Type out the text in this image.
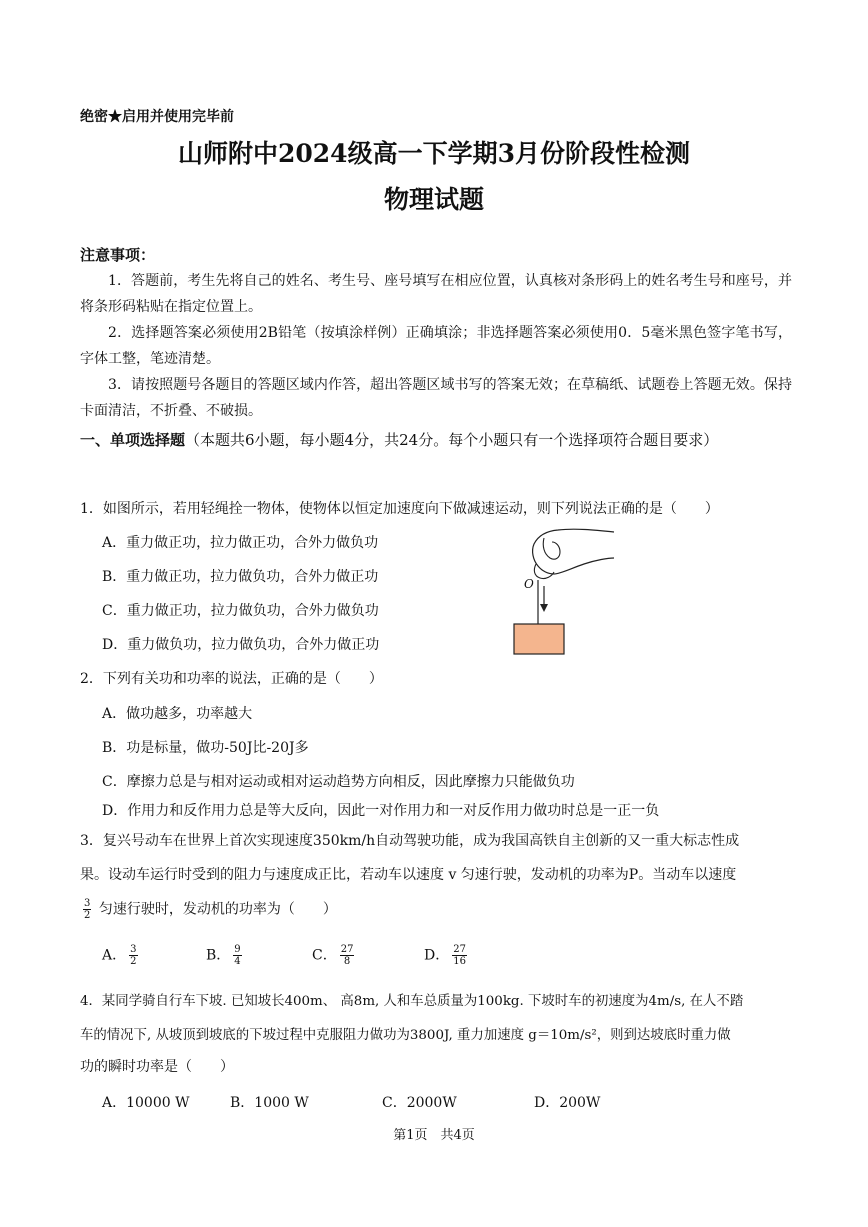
绝密★启用并使用完毕前
山师附中2024级高一下学期3月份阶段性检测
物理试题
注意事项：
1．答题前，考生先将自己的姓名、考生号、座号填写在相应位置，认真核对条形码上的姓名考生号和座号，并将条形码粘贴在指定位置上。
2．选择题答案必须使用2B铅笔（按填涂样例）正确填涂；非选择题答案必须使用0．5毫米黑色签字笔书写，字体工整，笔迹清楚。
3．请按照题号各题目的答题区域内作答，超出答题区域书写的答案无效；在草稿纸、试题卷上答题无效。保持卡面清洁，不折叠、不破损。
一、单项选择题（本题共6小题，每小题4分，共24分。每个小题只有一个选择项符合题目要求）
1．如图所示，若用轻绳拴一物体，使物体以恒定加速度向下做减速运动，则下列说法正确的是（　　）
A．重力做正功，拉力做正功，合外力做负功
B．重力做正功，拉力做负功，合外力做正功
C．重力做正功，拉力做负功，合外力做负功
D．重力做负功，拉力做负功，合外力做正功
O
2．下列有关功和功率的说法，正确的是（　　）
A．做功越多，功率越大
B．功是标量，做功-50J比-20J多
C．摩擦力总是与相对运动或相对运动趋势方向相反，因此摩擦力只能做负功
D．作用力和反作用力总是等大反向，因此一对作用力和一对反作用力做功时总是一正一负
3．复兴号动车在世界上首次实现速度350km/h自动驾驶功能，成为我国高铁自主创新的又一重大标志性成
果。设动车运行时受到的阻力与速度成正比，若动车以速度 v 匀速行驶，发动机的功率为P。当动车以速度
$\frac{3}{2}$ 匀速行驶时，发动机的功率为（　　）
A． $\frac{3}{2}$	B． $\frac{9}{4}$	C． $\frac{27}{8}$	D． $\frac{27}{16}$
4．某同学骑自行车下坡. 已知坡长400m、 高8m, 人和车总质量为100kg. 下坡时车的初速度为4m/s, 在人不踏
车的情况下, 从坡顶到坡底的下坡过程中克服阻力做功为3800J, 重力加速度 g＝10m/s²，则到达坡底时重力做
功的瞬时功率是（　　）
A．10000 W	B．1000 W	C．2000W	D．200W
第1页　共4页
